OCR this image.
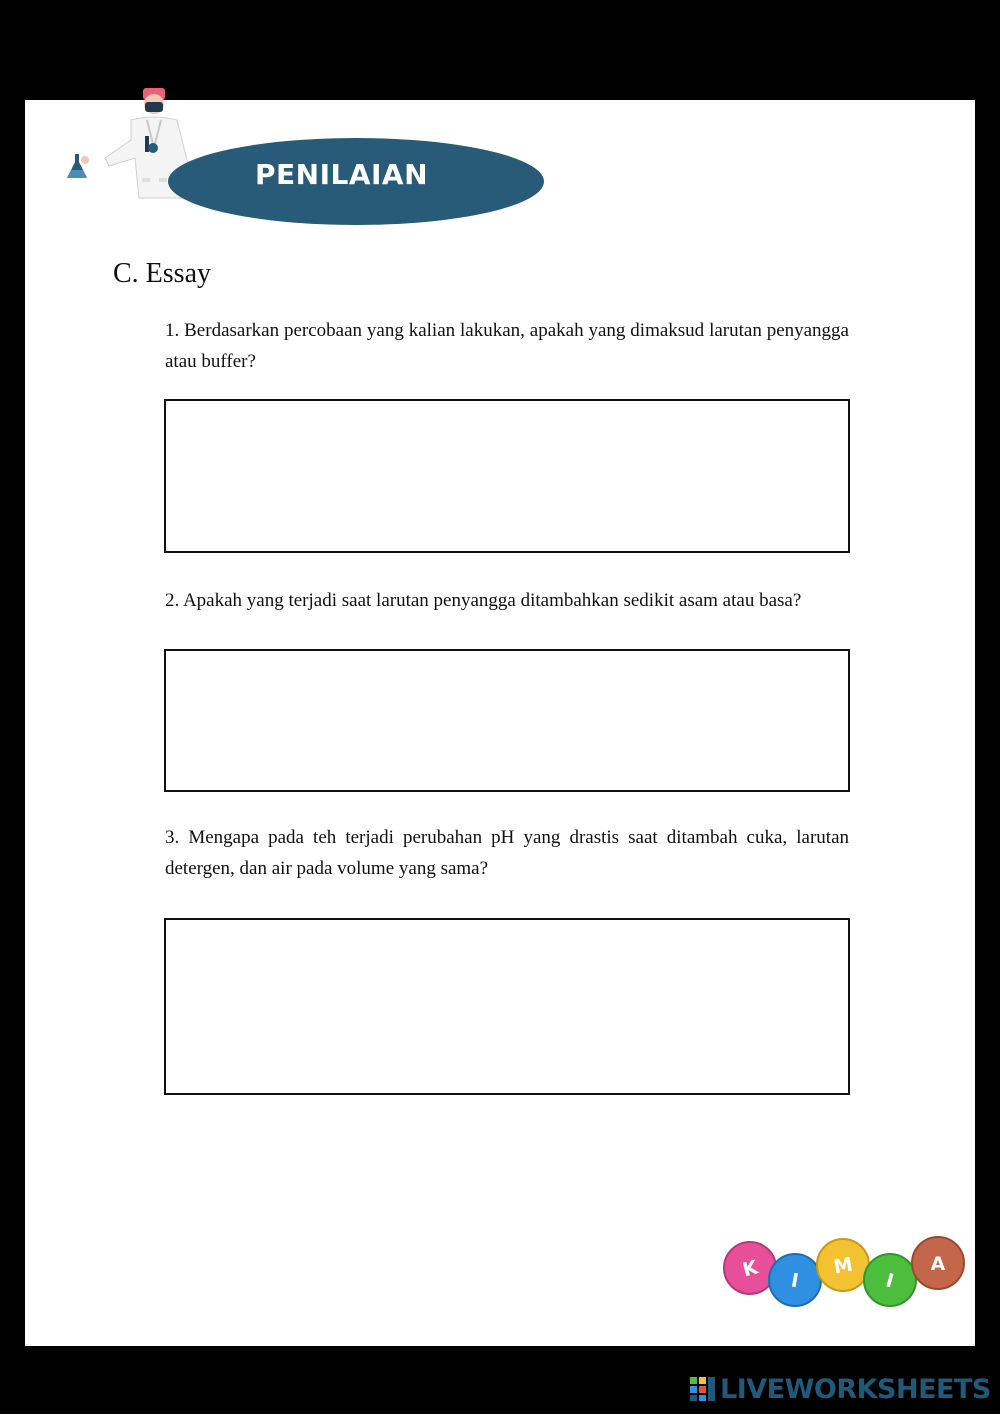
PENILAIAN
C. Essay
1. Berdasarkan percobaan yang kalian lakukan, apakah yang dimaksud larutan penyangga atau buffer?
2. Apakah yang terjadi saat larutan penyangga ditambahkan sedikit asam atau basa?
3. Mengapa pada teh terjadi perubahan pH yang drastis saat ditambah cuka, larutan detergen, dan air pada volume yang sama?
K I
M
I
A
LIVEWORKSHEETS
